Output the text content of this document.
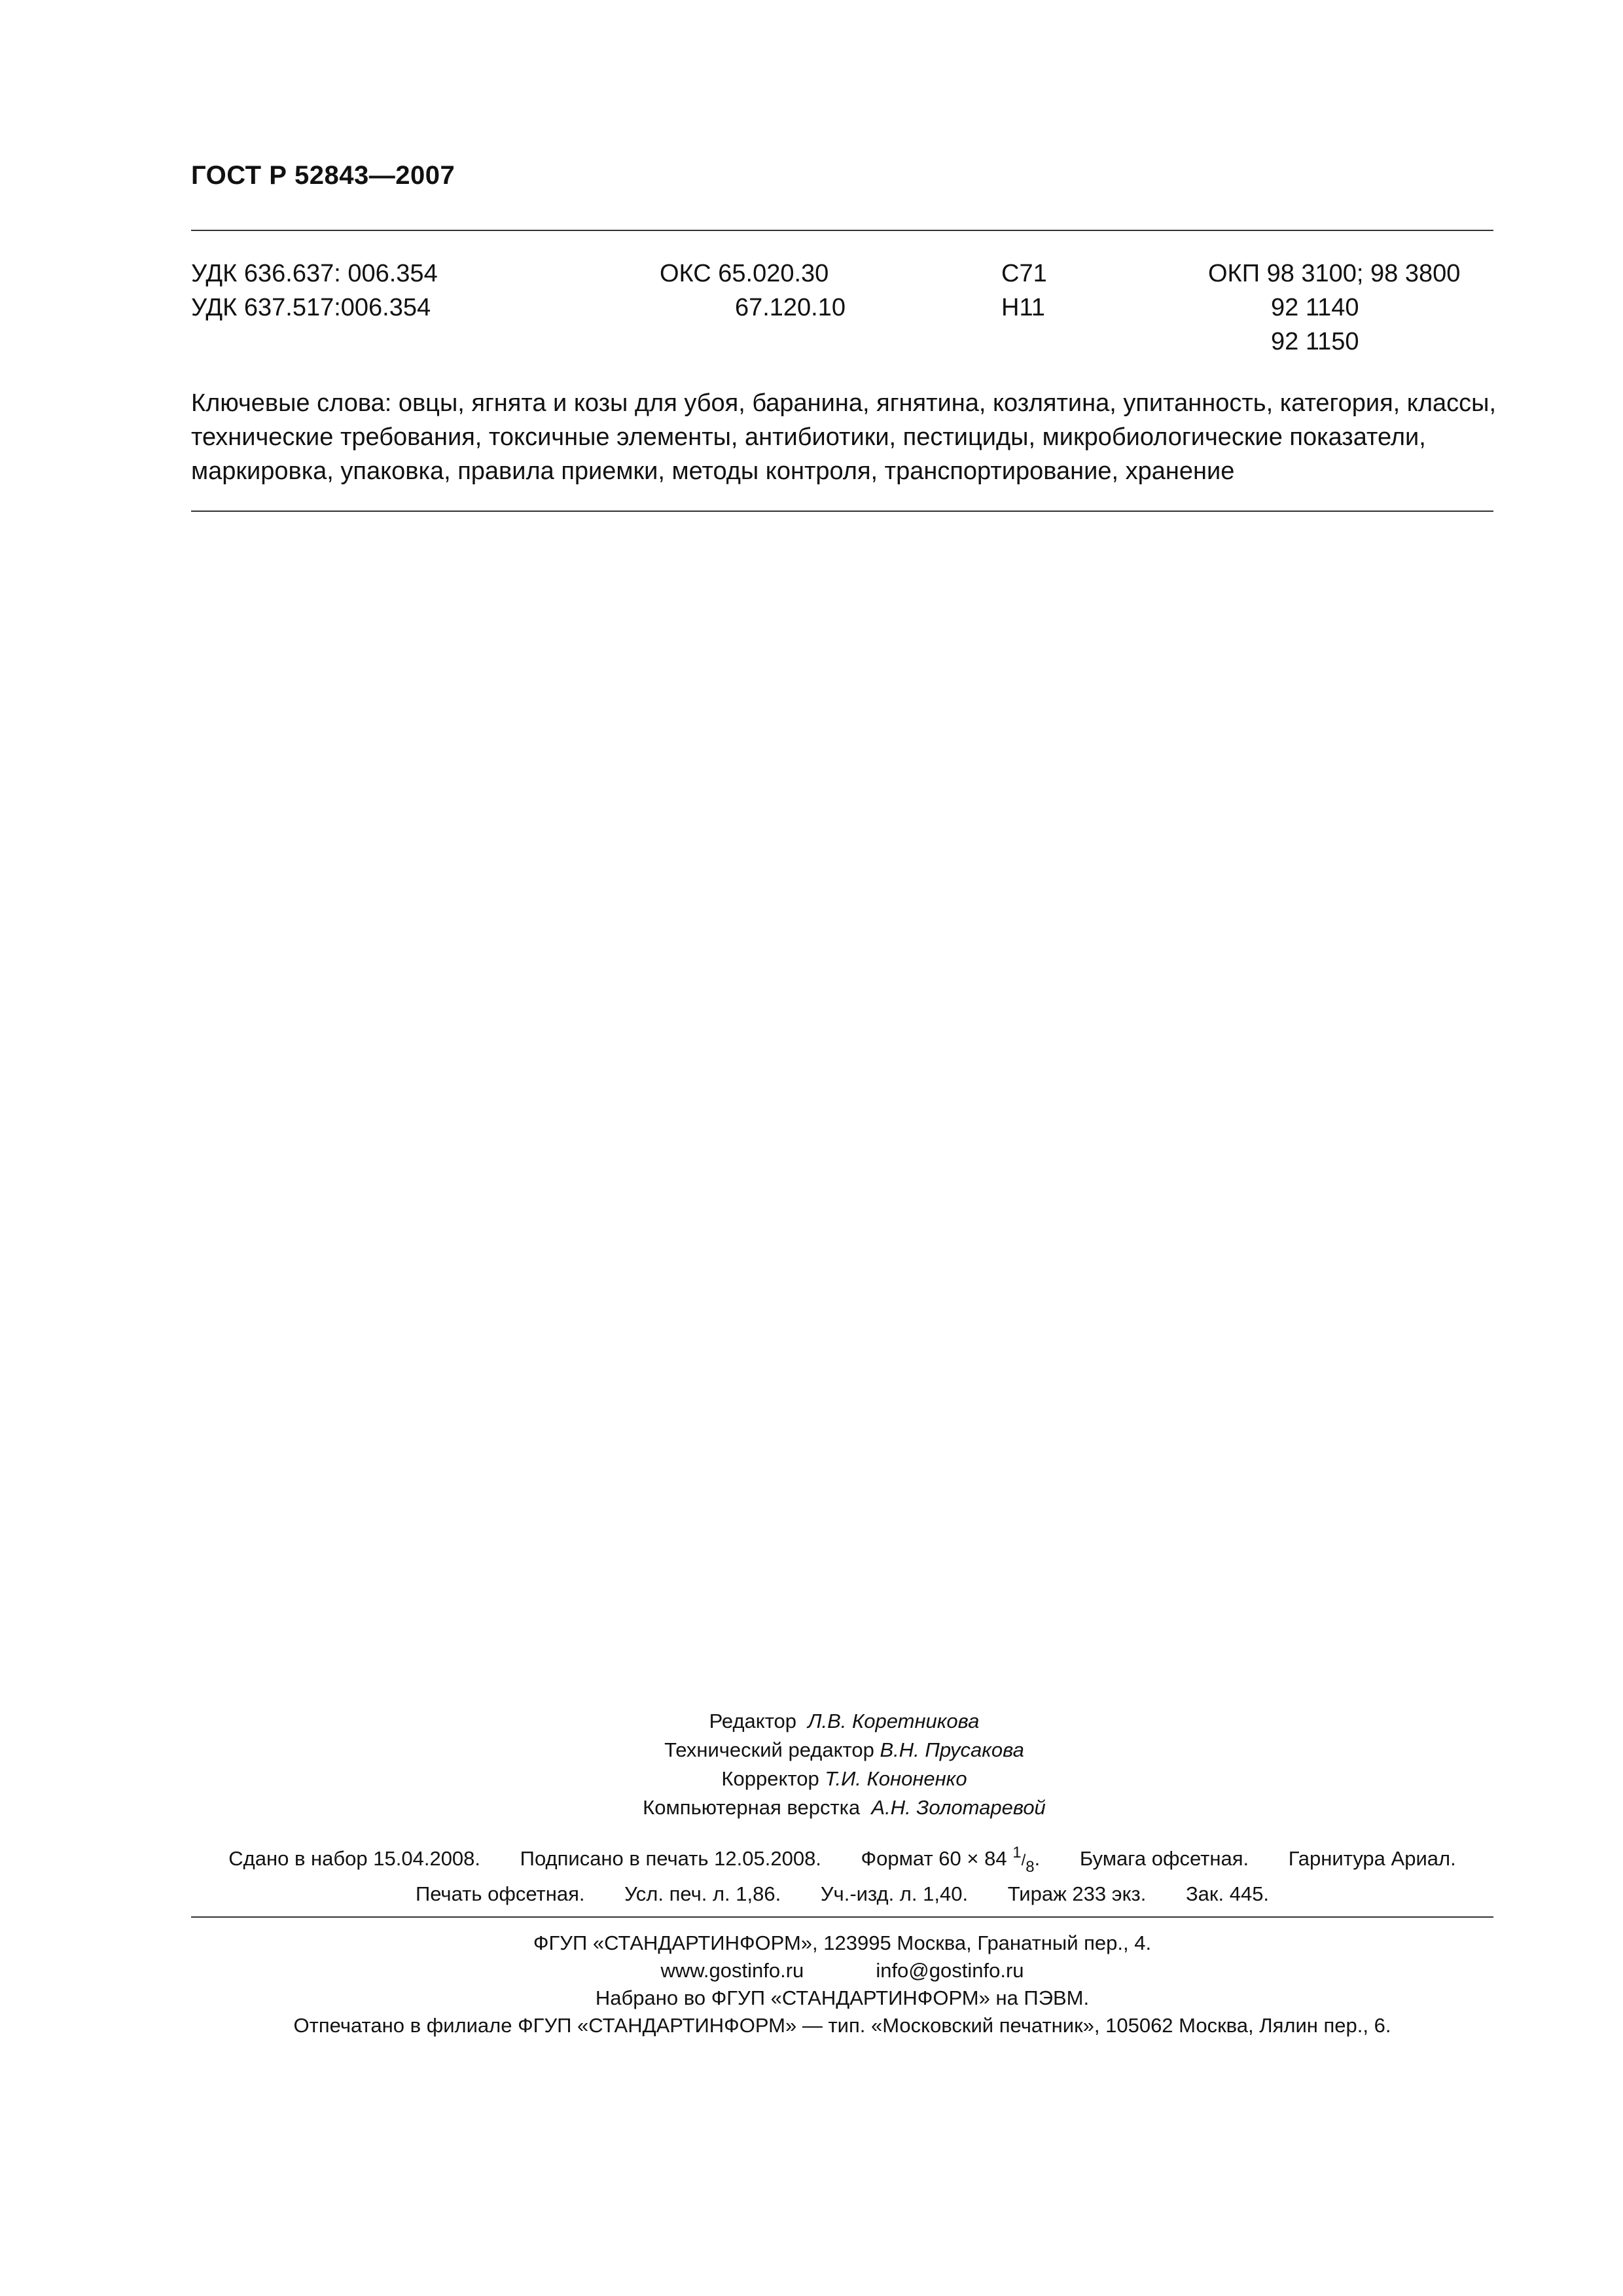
ГОСТ Р 52843—2007
УДК 636.637: 006.354
УДК 637.517:006.354
ОКС 65.020.30
67.120.10
С71
Н11
ОКП 98 3100; 98 3800
92 1140
92 1150
Ключевые слова: овцы, ягнята и козы для убоя, баранина, ягнятина, козлятина, упитанность, категория, классы, технические требования, токсичные элементы, антибиотики, пестициды, микробиологические показатели, маркировка, упаковка, правила приемки, методы контроля, транспортирование, хранение
Редактор Л.В. Коретникова
Технический редактор В.Н. Прусакова
Корректор Т.И. Кононенко
Компьютерная верстка А.Н. Золотаревой
Сдано в набор 15.04.2008. Подписано в печать 12.05.2008. Формат 60 × 84 1/8. Бумага офсетная. Гарнитура Ариал.
Печать офсетная. Усл. печ. л. 1,86. Уч.-изд. л. 1,40. Тираж 233 экз. Зак. 445.
ФГУП «СТАНДАРТИНФОРМ», 123995 Москва, Гранатный пер., 4.
www.gostinfo.ru	info@gostinfo.ru
Набрано во ФГУП «СТАНДАРТИНФОРМ» на ПЭВМ.
Отпечатано в филиале ФГУП «СТАНДАРТИНФОРМ» — тип. «Московский печатник», 105062 Москва, Лялин пер., 6.
